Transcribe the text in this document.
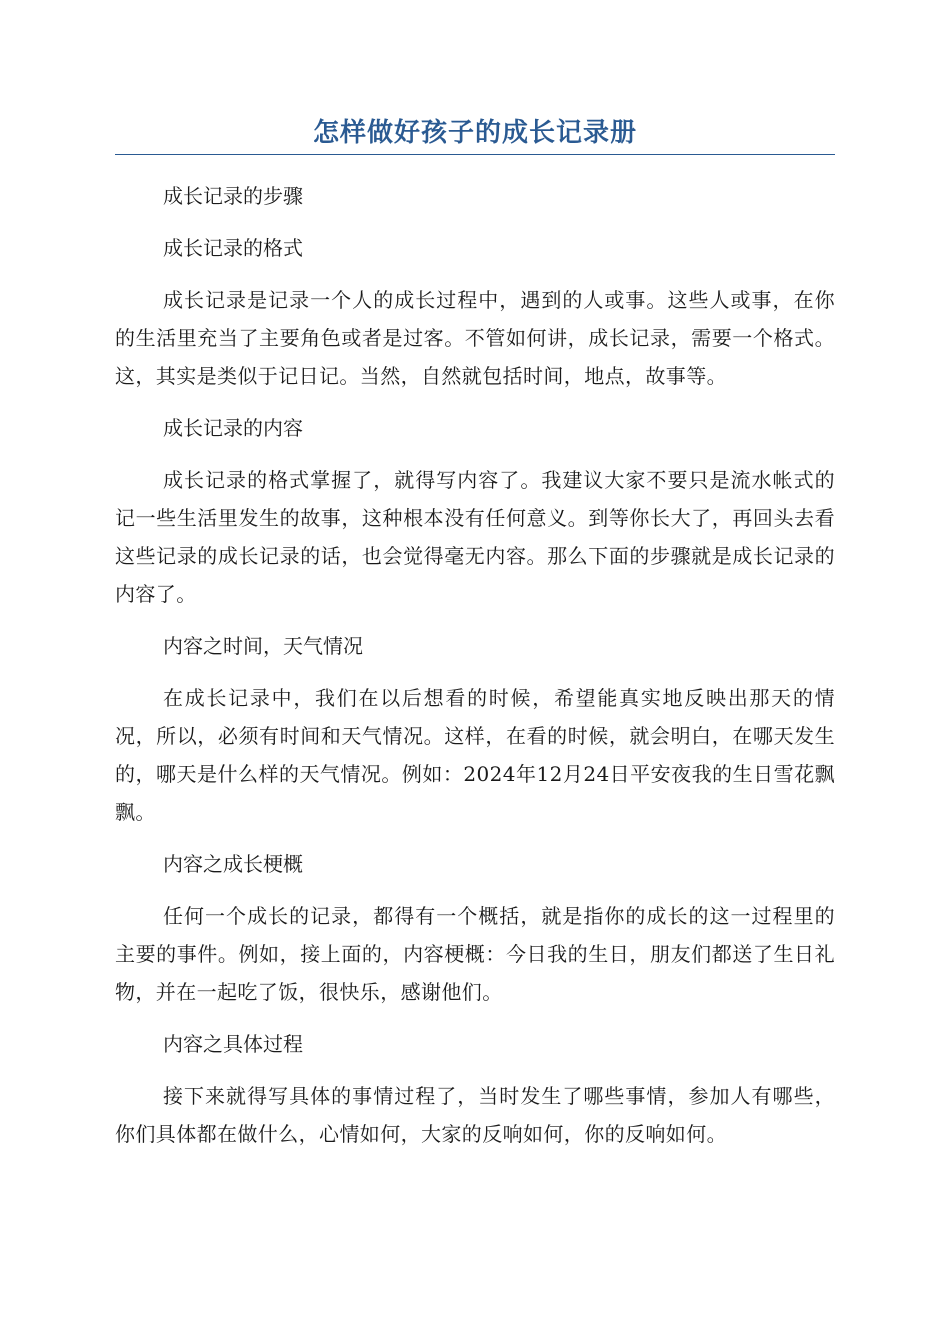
怎样做好孩子的成长记录册

成长记录的步骤

成长记录的格式

成长记录是记录一个人的成长过程中，遇到的人或事。这些人或事，在你的生活里充当了主要角色或者是过客。不管如何讲，成长记录，需要一个格式。这，其实是类似于记日记。当然，自然就包括时间，地点，故事等。

成长记录的内容

成长记录的格式掌握了，就得写内容了。我建议大家不要只是流水帐式的记一些生活里发生的故事，这种根本没有任何意义。到等你长大了，再回头去看这些记录的成长记录的话，也会觉得毫无内容。那么下面的步骤就是成长记录的内容了。

内容之时间，天气情况

在成长记录中，我们在以后想看的时候，希望能真实地反映出那天的情况，所以，必须有时间和天气情况。这样，在看的时候，就会明白，在哪天发生的，哪天是什么样的天气情况。例如：2024年12月24日平安夜我的生日雪花飘飘。

内容之成长梗概

任何一个成长的记录，都得有一个概括，就是指你的成长的这一过程里的主要的事件。例如，接上面的，内容梗概：今日我的生日，朋友们都送了生日礼物，并在一起吃了饭，很快乐，感谢他们。

内容之具体过程

接下来就得写具体的事情过程了，当时发生了哪些事情，参加人有哪些，你们具体都在做什么，心情如何，大家的反响如何，你的反响如何。
